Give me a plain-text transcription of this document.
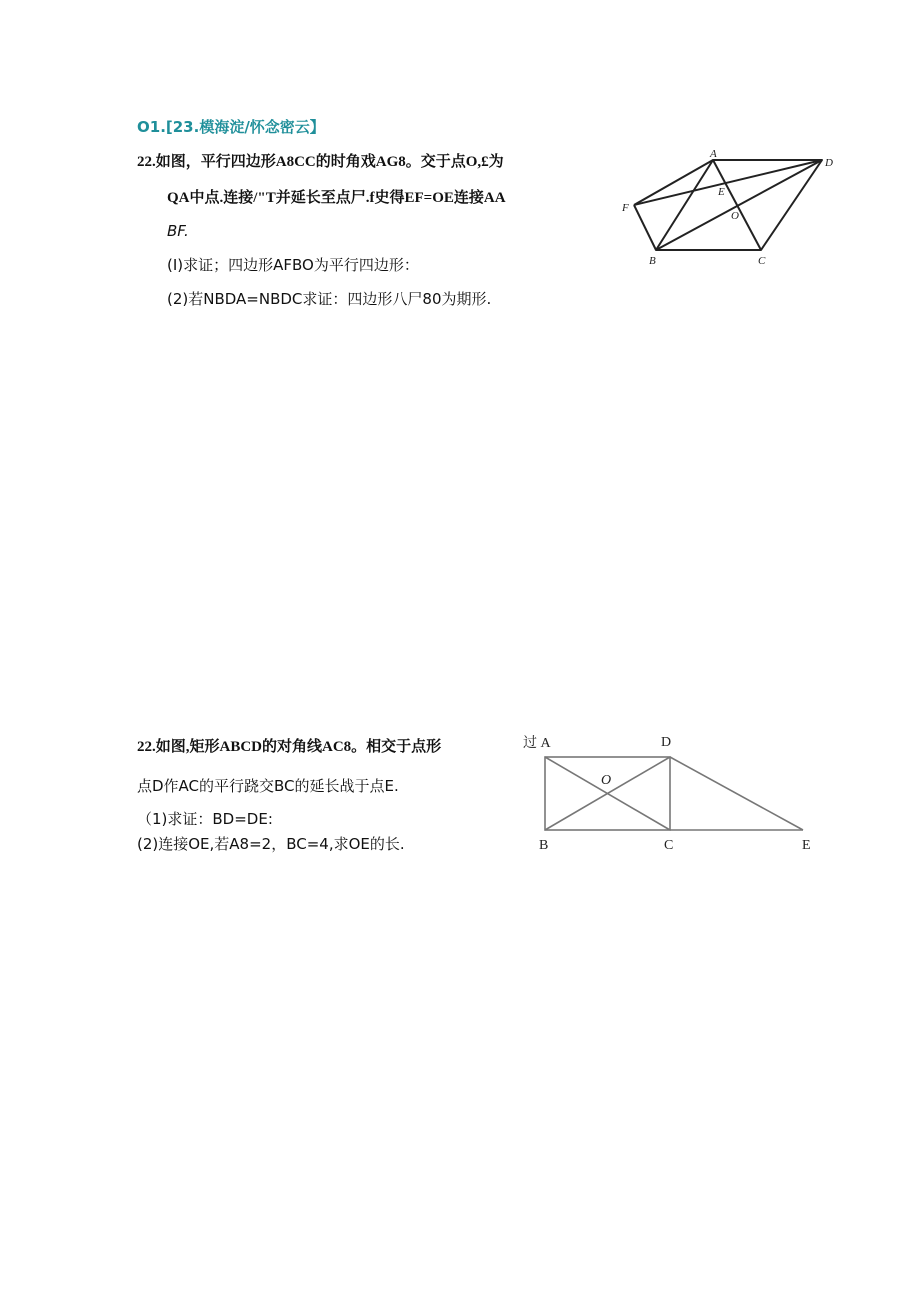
O1.[23.模海淀/怀念密云】
22.如图，平行四边形A8CC的时角戏AG8。交于点O,£为
QA中点.连接/"T并延长至点尸.f史得EF=OE连接AA
BF.
(I)求证；四边形AFBO为平行四边形：
(2)若NBDA=NBDC求证：四边形八尸80为期形.
A
D
E
O
F
B	C
22.如图,矩形ABCD的对角线AC8。相交于点形
点D作AC的平行跷交BC的延长战于点E.
（1)求证：BD=DE:
(2)连接OE,若A8=2，BC=4,求OE的长.
过 A	D
O
B	C	E
